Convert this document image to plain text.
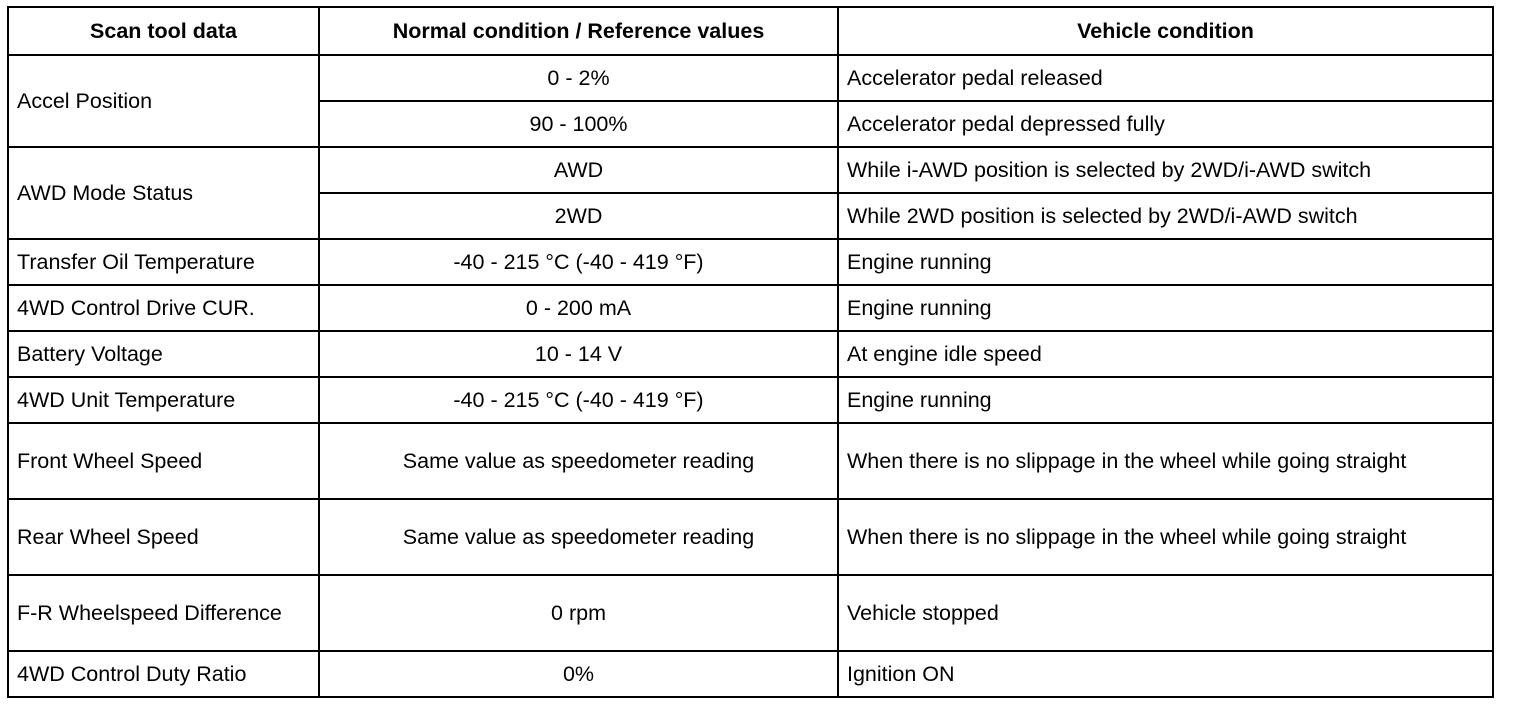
Scan tool data	Normal condition / Reference values	Vehicle condition
Accel Position	0 - 2%	Accelerator pedal released
	90 - 100%	Accelerator pedal depressed fully
AWD Mode Status	AWD	While i-AWD position is selected by 2WD/i-AWD switch
	2WD	While 2WD position is selected by 2WD/i-AWD switch
Transfer Oil Temperature	-40 - 215 °C (-40 - 419 °F)	Engine running
4WD Control Drive CUR.	0 - 200 mA	Engine running
Battery Voltage	10 - 14 V	At engine idle speed
4WD Unit Temperature	-40 - 215 °C (-40 - 419 °F)	Engine running
Front Wheel Speed	Same value as speedometer reading	When there is no slippage in the wheel while going straight
Rear Wheel Speed	Same value as speedometer reading	When there is no slippage in the wheel while going straight
F-R Wheelspeed Difference	0 rpm	Vehicle stopped
4WD Control Duty Ratio	0%	Ignition ON
